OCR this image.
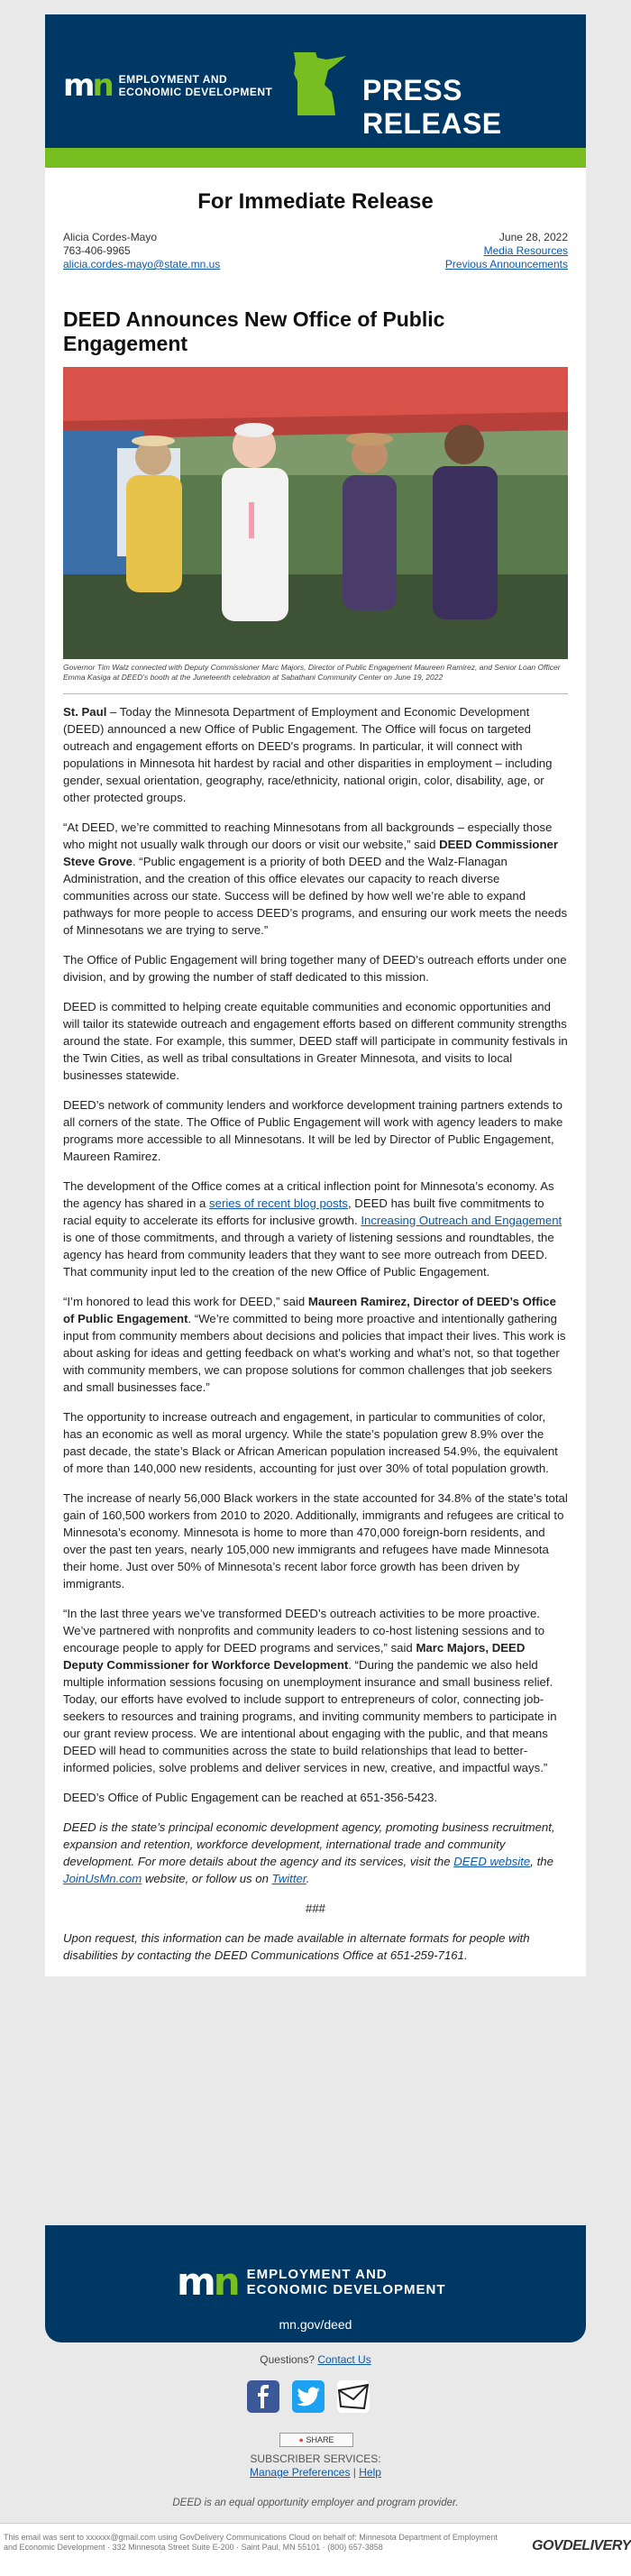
mn EMPLOYMENT AND
ECONOMIC DEVELOPMENT	PRESS RELEASE
For Immediate Release
Alicia Cordes-Mayo
763-406-9965
alicia.cordes-mayo@state.mn.us
June 28, 2022
Media Resources
Previous Announcements
DEED Announces New Office of Public Engagement
Governor Tim Walz connected with Deputy Commissioner Marc Majors, Director of Public Engagement Maureen Ramirez, and Senior Loan Officer Emma Kasiga at DEED's booth at the Juneteenth celebration at Sabathani Community Center on June 19, 2022

St. Paul – Today the Minnesota Department of Employment and Economic Development (DEED) announced a new Office of Public Engagement. The Office will focus on targeted outreach and engagement efforts on DEED's programs. In particular, it will connect with populations in Minnesota hit hardest by racial and other disparities in employment – including gender, sexual orientation, geography, race/ethnicity, national origin, color, disability, age, or other protected groups.

“At DEED, we’re committed to reaching Minnesotans from all backgrounds – especially those who might not usually walk through our doors or visit our website,” said DEED Commissioner Steve Grove. “Public engagement is a priority of both DEED and the Walz-Flanagan Administration, and the creation of this office elevates our capacity to reach diverse communities across our state. Success will be defined by how well we’re able to expand pathways for more people to access DEED’s programs, and ensuring our work meets the needs of Minnesotans we are trying to serve.”

The Office of Public Engagement will bring together many of DEED’s outreach efforts under one division, and by growing the number of staff dedicated to this mission.

DEED is committed to helping create equitable communities and economic opportunities and will tailor its statewide outreach and engagement efforts based on different community strengths around the state. For example, this summer, DEED staff will participate in community festivals in the Twin Cities, as well as tribal consultations in Greater Minnesota, and visits to local businesses statewide.

DEED’s network of community lenders and workforce development training partners extends to all corners of the state. The Office of Public Engagement will work with agency leaders to make programs more accessible to all Minnesotans. It will be led by Director of Public Engagement, Maureen Ramirez.

The development of the Office comes at a critical inflection point for Minnesota’s economy. As the agency has shared in a series of recent blog posts, DEED has built five commitments to racial equity to accelerate its efforts for inclusive growth. Increasing Outreach and Engagement is one of those commitments, and through a variety of listening sessions and roundtables, the agency has heard from community leaders that they want to see more outreach from DEED. That community input led to the creation of the new Office of Public Engagement.

“I’m honored to lead this work for DEED,” said Maureen Ramirez, Director of DEED’s Office of Public Engagement. “We’re committed to being more proactive and intentionally gathering input from community members about decisions and policies that impact their lives. This work is about asking for ideas and getting feedback on what’s working and what’s not, so that together with community members, we can propose solutions for common challenges that job seekers and small businesses face.”

The opportunity to increase outreach and engagement, in particular to communities of color, has an economic as well as moral urgency. While the state’s population grew 8.9% over the past decade, the state’s Black or African American population increased 54.9%, the equivalent of more than 140,000 new residents, accounting for just over 30% of total population growth.

The increase of nearly 56,000 Black workers in the state accounted for 34.8% of the state’s total gain of 160,500 workers from 2010 to 2020. Additionally, immigrants and refugees are critical to Minnesota’s economy. Minnesota is home to more than 470,000 foreign-born residents, and over the past ten years, nearly 105,000 new immigrants and refugees have made Minnesota their home. Just over 50% of Minnesota’s recent labor force growth has been driven by immigrants.

“In the last three years we’ve transformed DEED’s outreach activities to be more proactive. We’ve partnered with nonprofits and community leaders to co-host listening sessions and to encourage people to apply for DEED programs and services,” said Marc Majors, DEED Deputy Commissioner for Workforce Development. “During the pandemic we also held multiple information sessions focusing on unemployment insurance and small business relief. Today, our efforts have evolved to include support to entrepreneurs of color, connecting job-seekers to resources and training programs, and inviting community members to participate in our grant review process. We are intentional about engaging with the public, and that means DEED will head to communities across the state to build relationships that lead to better-informed policies, solve problems and deliver services in new, creative, and impactful ways.”

DEED’s Office of Public Engagement can be reached at 651-356-5423.

DEED is the state’s principal economic development agency, promoting business recruitment, expansion and retention, workforce development, international trade and community development. For more details about the agency and its services, visit the DEED website, the JoinUsMn.com website, or follow us on Twitter.

###

Upon request, this information can be made available in alternate formats for people with disabilities by contacting the DEED Communications Office at 651-259-7161.

mn EMPLOYMENT AND
ECONOMIC DEVELOPMENT
mn.gov/deed
Questions? Contact Us
● SHARE
SUBSCRIBER SERVICES:
Manage Preferences | Help
DEED is an equal opportunity employer and program provider.
This email was sent to xxxxxx@gmail.com using GovDelivery Communications Cloud on behalf of: Minnesota Department of Employment and Economic Development · 332 Minnesota Street Suite E-200 · Saint Paul, MN 55101 · (800) 657-3858	GOVDELIVERY
